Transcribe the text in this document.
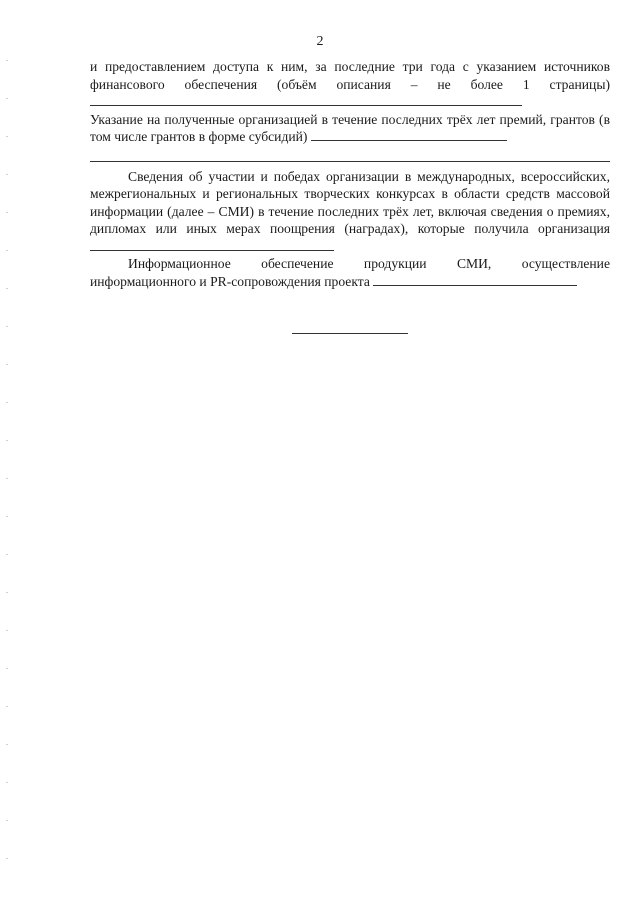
2

и предоставлением доступа к ним, за последние три года с указанием источников финансового обеспечения (объём описания – не более 1 страницы)

Указание на полученные организацией в течение последних трёх лет премий, грантов (в том числе грантов в форме субсидий)

Сведения об участии и победах организации в международных, всероссийских, межрегиональных и региональных творческих конкурсах в области средств массовой информации (далее – СМИ) в течение последних трёх лет, включая сведения о премиях, дипломах или иных мерах поощрения (наградах), которые получила организация

Информационное обеспечение продукции СМИ, осуществление информационного и PR-сопровождения проекта
